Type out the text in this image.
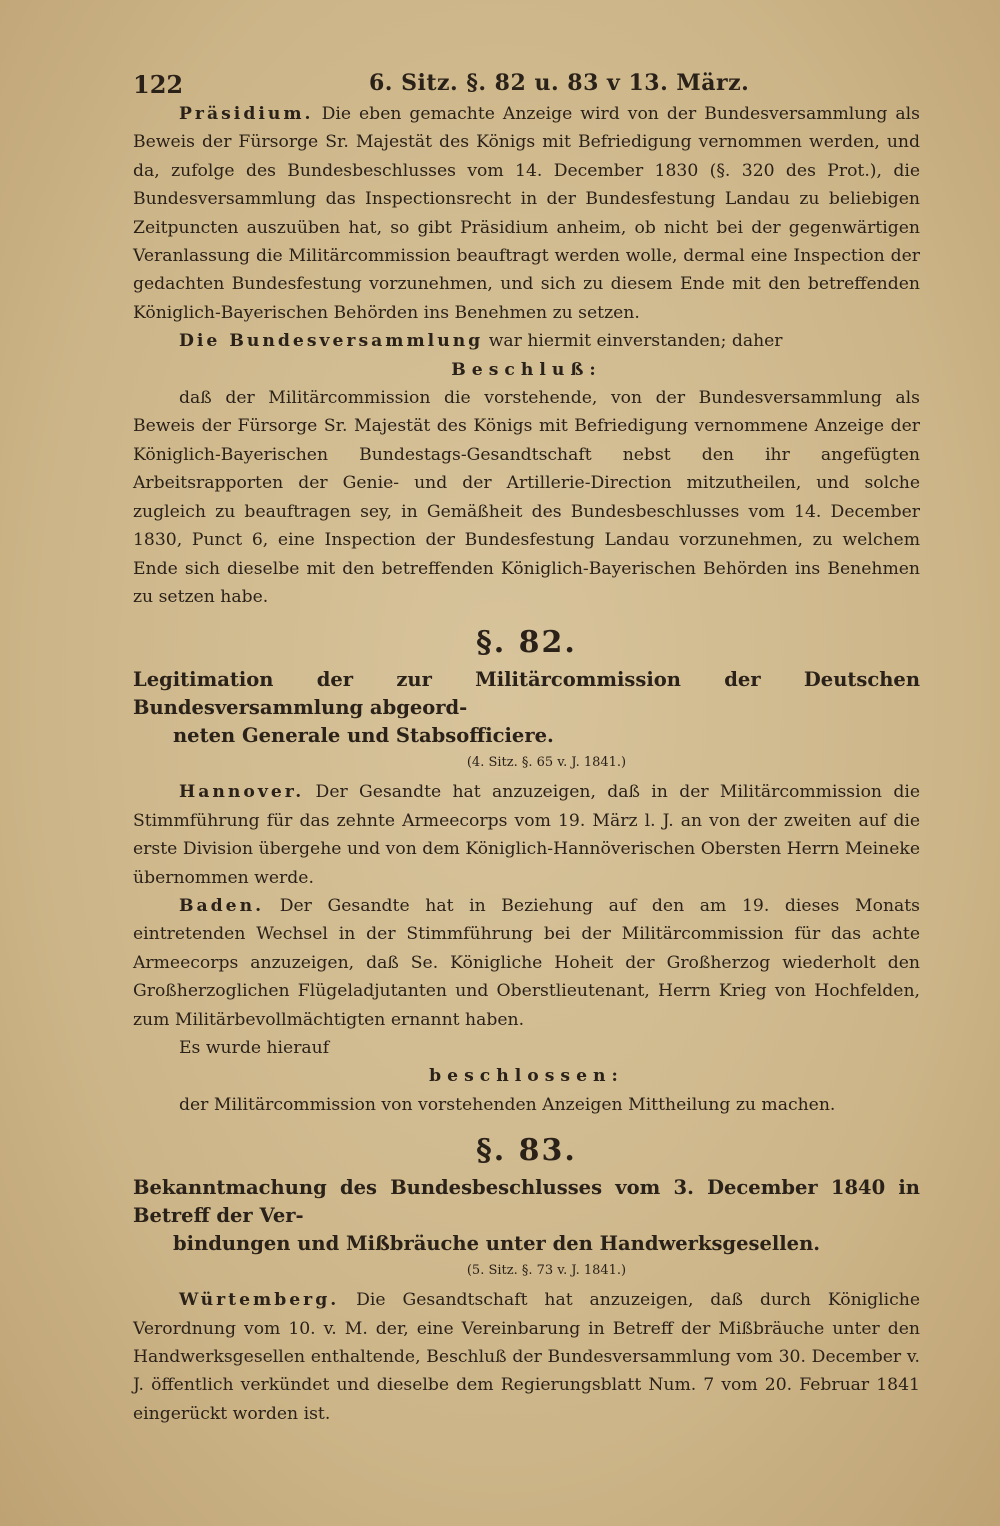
122	6. Sitz. §. 82 u. 83 v 13. März.

Präsidium. Die eben gemachte Anzeige wird von der Bundesversammlung als Beweis der Fürsorge Sr. Majestät des Königs mit Befriedigung vernommen werden, und da, zufolge des Bundesbeschlusses vom 14. December 1830 (§. 320 des Prot.), die Bundesversammlung das Inspectionsrecht in der Bundesfestung Landau zu beliebigen Zeitpuncten auszuüben hat, so gibt Präsidium anheim, ob nicht bei der gegenwärtigen Veranlassung die Militärcommission beauftragt werden wolle, dermal eine Inspection der gedachten Bundesfestung vorzunehmen, und sich zu diesem Ende mit den betreffenden Königlich-Bayerischen Behörden ins Benehmen zu setzen.

Die Bundesversammlung war hiermit einverstanden; daher

Beschluß:

daß der Militärcommission die vorstehende, von der Bundesversammlung als Beweis der Fürsorge Sr. Majestät des Königs mit Befriedigung vernommene Anzeige der Königlich-Bayerischen Bundestags-Gesandtschaft nebst den ihr angefügten Arbeitsrapporten der Genie- und der Artillerie-Direction mitzutheilen, und solche zugleich zu beauftragen sey, in Gemäßheit des Bundesbeschlusses vom 14. December 1830, Punct 6, eine Inspection der Bundesfestung Landau vorzunehmen, zu welchem Ende sich dieselbe mit den betreffenden Königlich-Bayerischen Behörden ins Benehmen zu setzen habe.

§. 82.

Legitimation der zur Militärcommission der Deutschen Bundesversammlung abgeord-

neten Generale und Stabsofficiere.

(4. Sitz. §. 65 v. J. 1841.)

Hannover. Der Gesandte hat anzuzeigen, daß in der Militärcommission die Stimmführung für das zehnte Armeecorps vom 19. März l. J. an von der zweiten auf die erste Division übergehe und von dem Königlich-Hannöverischen Obersten Herrn Meineke übernommen werde.

Baden. Der Gesandte hat in Beziehung auf den am 19. dieses Monats eintretenden Wechsel in der Stimmführung bei der Militärcommission für das achte Armeecorps anzuzeigen, daß Se. Königliche Hoheit der Großherzog wiederholt den Großherzoglichen Flügeladjutanten und Oberstlieutenant, Herrn Krieg von Hochfelden, zum Militärbevollmächtigten ernannt haben.

Es wurde hierauf

beschlossen:

der Militärcommission von vorstehenden Anzeigen Mittheilung zu machen.

§. 83.

Bekanntmachung des Bundesbeschlusses vom 3. December 1840 in Betreff der Ver-

bindungen und Mißbräuche unter den Handwerksgesellen.

(5. Sitz. §. 73 v. J. 1841.)

Würtemberg. Die Gesandtschaft hat anzuzeigen, daß durch Königliche Verordnung vom 10. v. M. der, eine Vereinbarung in Betreff der Mißbräuche unter den Handwerksgesellen enthaltende, Beschluß der Bundesversammlung vom 30. December v. J. öffentlich verkündet und dieselbe dem Regierungsblatt Num. 7 vom 20. Februar 1841 eingerückt worden ist.
